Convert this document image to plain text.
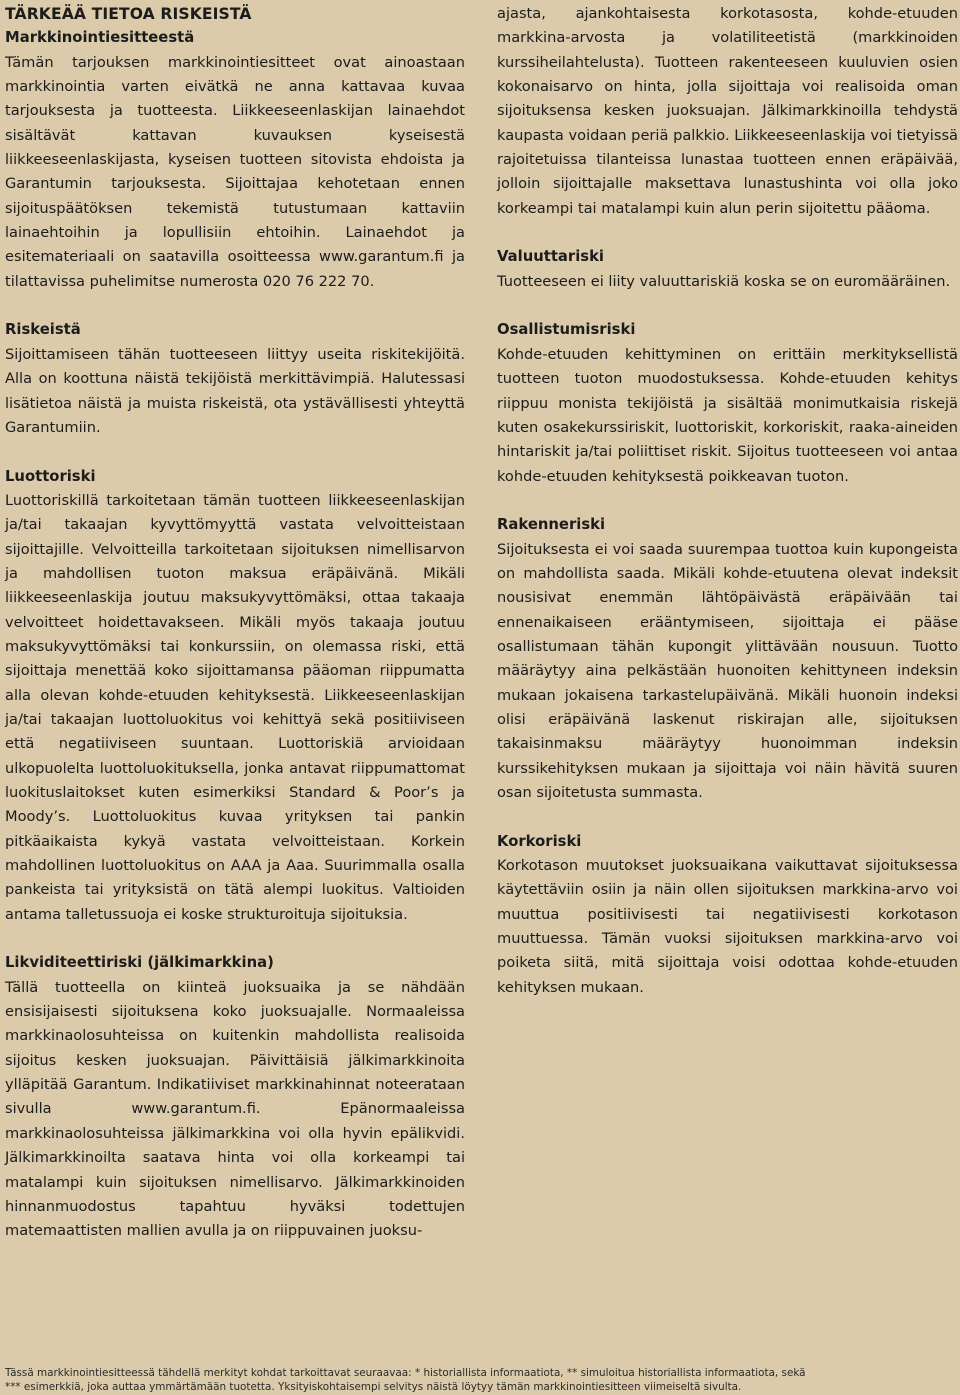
TÄRKEÄÄ TIETOA RISKEISTÄ
Markkinointiesitteestä

Tämän tarjouksen markkinointiesitteet ovat ainoastaan markkinointia varten eivätkä ne anna kattavaa kuvaa tarjouksesta ja tuotteesta. Liikkeeseenlaskijan lainaehdot sisältävät kattavan kuvauksen kyseisestä liikkeeseenlaskijasta, kyseisen tuotteen sitovista ehdoista ja Garantumin tarjouksesta. Sijoittajaa kehotetaan ennen sijoituspäätöksen tekemistä tutustumaan kattaviin lainaehtoihin ja lopullisiin ehtoihin. Lainaehdot ja esitemateriaali on saatavilla osoitteessa www.garantum.fi ja tilattavissa puhelimitse numerosta 020 76 222 70.

Riskeistä

Sijoittamiseen tähän tuotteeseen liittyy useita riskitekijöitä. Alla on koottuna näistä tekijöistä merkittävimpiä. Halutessasi lisätietoa näistä ja muista riskeistä, ota ystävällisesti yhteyttä Garantumiin.

Luottoriski

Luottoriskillä tarkoitetaan tämän tuotteen liikkeeseenlaskijan ja/tai takaajan kyvyttömyyttä vastata velvoitteistaan sijoittajille. Velvoitteilla tarkoitetaan sijoituksen nimellisarvon ja mahdollisen tuoton maksua eräpäivänä. Mikäli liikkeeseenlaskija joutuu maksukyvyttömäksi, ottaa takaaja velvoitteet hoidettavakseen. Mikäli myös takaaja joutuu maksukyvyttömäksi tai konkurssiin, on olemassa riski, että sijoittaja menettää koko sijoittamansa pääoman riippumatta alla olevan kohde-etuuden kehityksestä. Liikkeeseenlaskijan ja/tai takaajan luottoluokitus voi kehittyä sekä positiiviseen että negatiiviseen suuntaan. Luottoriskiä arvioidaan ulkopuolelta luottoluokituksella, jonka antavat riippumattomat luokituslaitokset kuten esimerkiksi Standard & Poor’s ja Moody’s. Luottoluokitus kuvaa yrityksen tai pankin pitkäaikaista kykyä vastata velvoitteistaan. Korkein mahdollinen luottoluokitus on AAA ja Aaa. Suurimmalla osalla pankeista tai yrityksistä on tätä alempi luokitus. Valtioiden antama talletussuoja ei koske strukturoituja sijoituksia.

Likviditeettiriski (jälkimarkkina)

Tällä tuotteella on kiinteä juoksuaika ja se nähdään ensisijaisesti sijoituksena koko juoksuajalle. Normaaleissa markkinaolosuhteissa on kuitenkin mahdollista realisoida sijoitus kesken juoksuajan. Päivittäisiä jälkimarkkinoita ylläpitää Garantum. Indikatiiviset markkinahinnat noteerataan sivulla www.garantum.fi. Epänormaaleissa markkinaolosuhteissa jälkimarkkina voi olla hyvin epälikvidi. Jälkimarkkinoilta saatava hinta voi olla korkeampi tai matalampi kuin sijoituksen nimellisarvo. Jälkimarkkinoiden hinnanmuodostus tapahtuu hyväksi todettujen matemaattisten mallien avulla ja on riippuvainen juoksu-

ajasta, ajankohtaisesta korkotasosta, kohde-etuuden markkina-arvosta ja volatiliteetistä (markkinoiden kurssiheilahtelusta). Tuotteen rakenteeseen kuuluvien osien kokonaisarvo on hinta, jolla sijoittaja voi realisoida oman sijoituksensa kesken juoksuajan. Jälkimarkkinoilla tehdystä kaupasta voidaan periä palkkio. Liikkeeseenlaskija voi tietyissä rajoitetuissa tilanteissa lunastaa tuotteen ennen eräpäivää, jolloin sijoittajalle maksettava lunastushinta voi olla joko korkeampi tai matalampi kuin alun perin sijoitettu pääoma.

Valuuttariski

Tuotteeseen ei liity valuuttariskiä koska se on euromääräinen.

Osallistumisriski

Kohde-etuuden kehittyminen on erittäin merkityksellistä tuotteen tuoton muodostuksessa. Kohde-etuuden kehitys riippuu monista tekijöistä ja sisältää monimutkaisia riskejä kuten osakekurssiriskit, luottoriskit, korkoriskit, raaka-aineiden hintariskit ja/tai poliittiset riskit. Sijoitus tuotteeseen voi antaa kohde-etuuden kehityksestä poikkeavan tuoton.

Rakenneriski

Sijoituksesta ei voi saada suurempaa tuottoa kuin kupongeista on mahdollista saada. Mikäli kohde-etuutena olevat indeksit nousisivat enemmän lähtöpäivästä eräpäivään tai ennenaikaiseen erääntymiseen, sijoittaja ei pääse osallistumaan tähän kupongit ylittävään nousuun. Tuotto määräytyy aina pelkästään huonoiten kehittyneen indeksin mukaan jokaisena tarkastelupäivänä. Mikäli huonoin indeksi olisi eräpäivänä laskenut riskirajan alle, sijoituksen takaisinmaksu määräytyy huonoimman indeksin kurssikehityksen mukaan ja sijoittaja voi näin hävitä suuren osan sijoitetusta summasta.

Korkoriski

Korkotason muutokset juoksuaikana vaikuttavat sijoituksessa käytettäviin osiin ja näin ollen sijoituksen markkina-arvo voi muuttua positiivisesti tai negatiivisesti korkotason muuttuessa. Tämän vuoksi sijoituksen markkina-arvo voi poiketa siitä, mitä sijoittaja voisi odottaa kohde-etuuden kehityksen mukaan.

Tässä markkinointiesitteessä tähdellä merkityt kohdat tarkoittavat seuraavaa: * historiallista informaatiota, ** simuloitua historiallista informaatiota, sekä
*** esimerkkiä, joka auttaa ymmärtämään tuotetta. Yksityiskohtaisempi selvitys näistä löytyy tämän markkinointiesitteen viimeiseltä sivulta.
